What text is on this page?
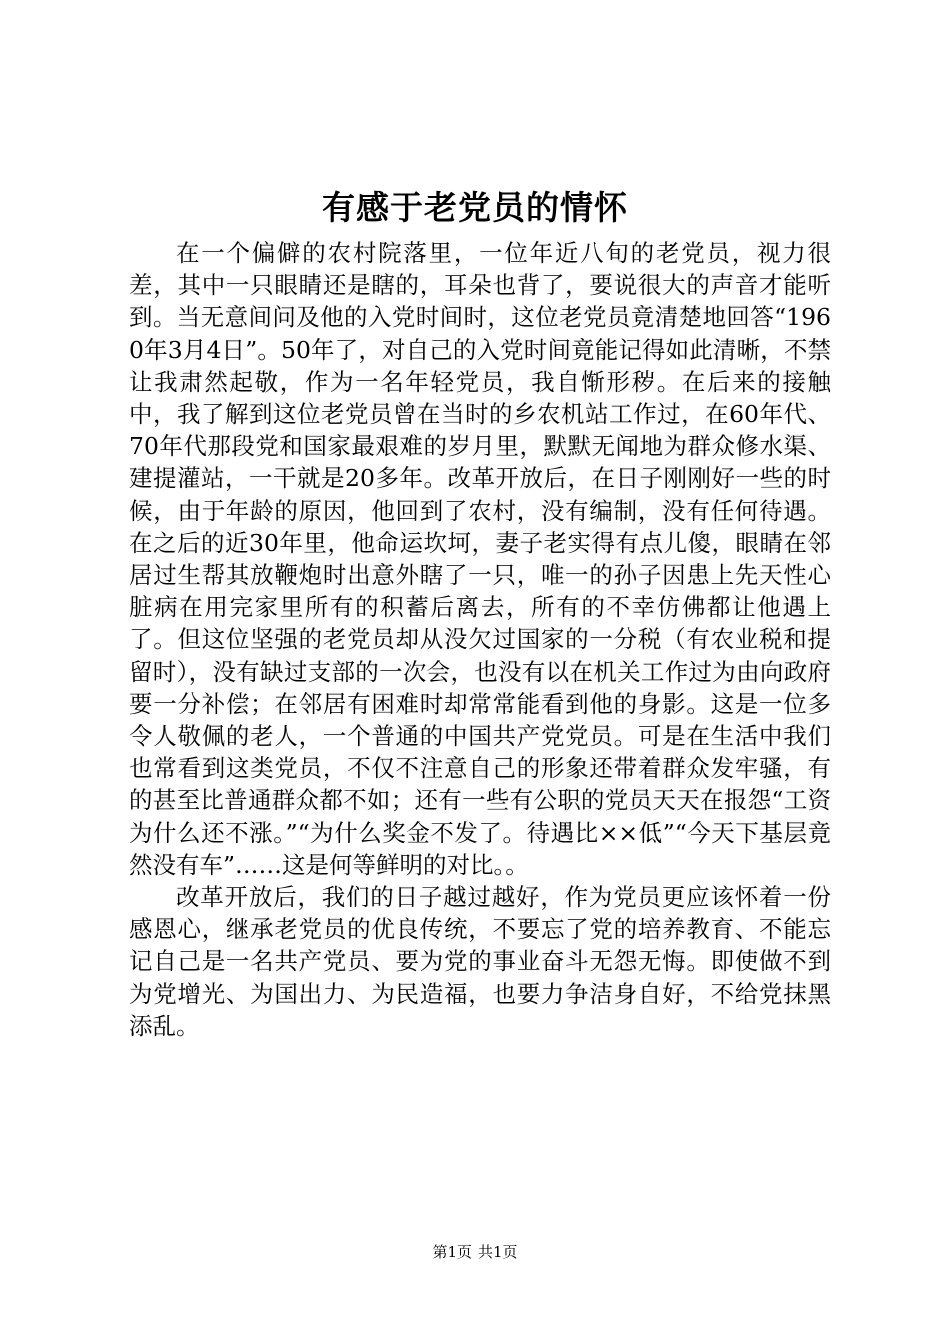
有感于老党员的情怀

在一个偏僻的农村院落里，一位年近八旬的老党员，视力很差，其中一只眼睛还是瞎的，耳朵也背了，要说很大的声音才能听到。当无意间问及他的入党时间时，这位老党员竟清楚地回答“1960年3月4日”。50年了，对自己的入党时间竟能记得如此清晰，不禁让我肃然起敬，作为一名年轻党员，我自惭形秽。在后来的接触中，我了解到这位老党员曾在当时的乡农机站工作过，在60年代、70年代那段党和国家最艰难的岁月里，默默无闻地为群众修水渠、建提灌站，一干就是20多年。改革开放后，在日子刚刚好一些的时候，由于年龄的原因，他回到了农村，没有编制，没有任何待遇。在之后的近30年里，他命运坎坷，妻子老实得有点儿傻，眼睛在邻居过生帮其放鞭炮时出意外瞎了一只，唯一的孙子因患上先天性心脏病在用完家里所有的积蓄后离去，所有的不幸仿佛都让他遇上了。但这位坚强的老党员却从没欠过国家的一分税（有农业税和提留时），没有缺过支部的一次会，也没有以在机关工作过为由向政府要一分补偿；在邻居有困难时却常常能看到他的身影。这是一位多令人敬佩的老人，一个普通的中国共产党党员。可是在生活中我们也常看到这类党员，不仅不注意自己的形象还带着群众发牢骚，有的甚至比普通群众都不如；还有一些有公职的党员天天在报怨“工资为什么还不涨。”“为什么奖金不发了。待遇比××低”“今天下基层竟然没有车”……这是何等鲜明的对比。。

改革开放后，我们的日子越过越好，作为党员更应该怀着一份感恩心，继承老党员的优良传统，不要忘了党的培养教育、不能忘记自己是一名共产党员、要为党的事业奋斗无怨无悔。即使做不到为党增光、为国出力、为民造福，也要力争洁身自好，不给党抹黑添乱。

第1页 共1页
